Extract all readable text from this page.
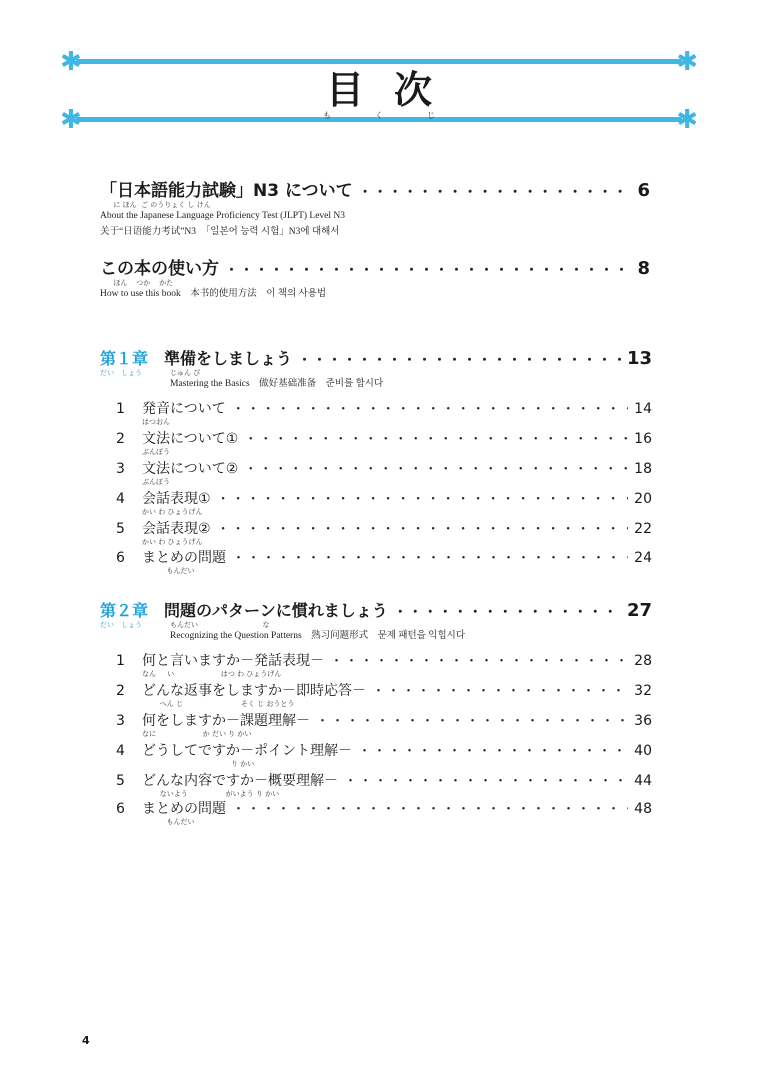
✱	✱
✱	✱
目次
もくじ
「日本語能力試験」N3 について ・・・・・・・・・・・・・・・・・・・・・・・・・・・・・・・・・・・・・・・・・・・・・・・・・・・・・・・・・・・・・・・・・・・・・・・・・・・・・・・・・・・・	6
に ほん  ご のうりょく し けん
About the Japanese Language Proficiency Test (JLPT) Level N3
关于“日语能力考试”N3　「일본어 능력 시험」N3에 대해서
この本の使い方 ・・・・・・・・・・・・・・・・・・・・・・・・・・・・・・・・・・・・・・・・・・・・・・・・・・・・・・・・・・・・・・・・・・・・・・・・・・・・・・・・・・・・	8
ほん    つか    かた
How to use this book　本书的使用方法　이 책의 사용법
第１章 準備をしましょう ・・・・・・・・・・・・・・・・・・・・・・・・・・・・・・・・・・・・・・・・・・・・・・・・・・・・・・・・・・・・・・・・・・・・・・・・・・・・・・・・・・・・	13
だい　しょう	じゅん び
Mastering the Basics　做好基础准备　준비를 합시다
1	発音について ・・・・・・・・・・・・・・・・・・・・・・・・・・・・・・・・・・・・・・・・・・・・・・・・・・・・・・・・・・・・・・・・・・・・・・・・・・・・・・・・・・・・	14
はつおん
2	文法について① ・・・・・・・・・・・・・・・・・・・・・・・・・・・・・・・・・・・・・・・・・・・・・・・・・・・・・・・・・・・・・・・・・・・・・・・・・・・・・・・・・・・・	16
ぶんぽう
3	文法について② ・・・・・・・・・・・・・・・・・・・・・・・・・・・・・・・・・・・・・・・・・・・・・・・・・・・・・・・・・・・・・・・・・・・・・・・・・・・・・・・・・・・・	18
ぶんぽう
4	会話表現① ・・・・・・・・・・・・・・・・・・・・・・・・・・・・・・・・・・・・・・・・・・・・・・・・・・・・・・・・・・・・・・・・・・・・・・・・・・・・・・・・・・・・	20
かい わ ひょうげん
5	会話表現② ・・・・・・・・・・・・・・・・・・・・・・・・・・・・・・・・・・・・・・・・・・・・・・・・・・・・・・・・・・・・・・・・・・・・・・・・・・・・・・・・・・・・	22
かい わ ひょうげん
6	まとめの問題 ・・・・・・・・・・・・・・・・・・・・・・・・・・・・・・・・・・・・・・・・・・・・・・・・・・・・・・・・・・・・・・・・・・・・・・・・・・・・・・・・・・・・	24
もんだい
第２章 問題のパターンに慣れましょう ・・・・・・・・・・・・・・・・・・・・・・・・・・・・・・・・・・・・・・・・・・・・・・・・・・・・・・・・・・・・・・・・・・・・・・・・・・・・・・・・・・・・	27
だい　しょう	もんだい                             な
Recognizing the Question Patterns　熟习问题形式　문제 패턴을 익힙시다
1	何と言いますか－発話表現－ ・・・・・・・・・・・・・・・・・・・・・・・・・・・・・・・・・・・・・・・・・・・・・・・・・・・・・・・・・・・・・・・・・・・・・・・・・・・・・・・・・・・・	28
なん     い                     はつ わ ひょうげん
2	どんな返事をしますか－即時応答－ ・・・・・・・・・・・・・・・・・・・・・・・・・・・・・・・・・・・・・・・・・・・・・・・・・・・・・・・・・・・・・・・・・・・・・・・・・・・・・・・・・・・・	32
へん じ                          そく じ おうとう
3	何をしますか－課題理解－ ・・・・・・・・・・・・・・・・・・・・・・・・・・・・・・・・・・・・・・・・・・・・・・・・・・・・・・・・・・・・・・・・・・・・・・・・・・・・・・・・・・・・	36
なに                     か だい り かい
4	どうしてですか－ポイント理解－ ・・・・・・・・・・・・・・・・・・・・・・・・・・・・・・・・・・・・・・・・・・・・・・・・・・・・・・・・・・・・・・・・・・・・・・・・・・・・・・・・・・・・	40
り かい
5	どんな内容ですか－概要理解－ ・・・・・・・・・・・・・・・・・・・・・・・・・・・・・・・・・・・・・・・・・・・・・・・・・・・・・・・・・・・・・・・・・・・・・・・・・・・・・・・・・・・・	44
ないよう                 がいよう り かい
6	まとめの問題 ・・・・・・・・・・・・・・・・・・・・・・・・・・・・・・・・・・・・・・・・・・・・・・・・・・・・・・・・・・・・・・・・・・・・・・・・・・・・・・・・・・・・	48
もんだい
4
